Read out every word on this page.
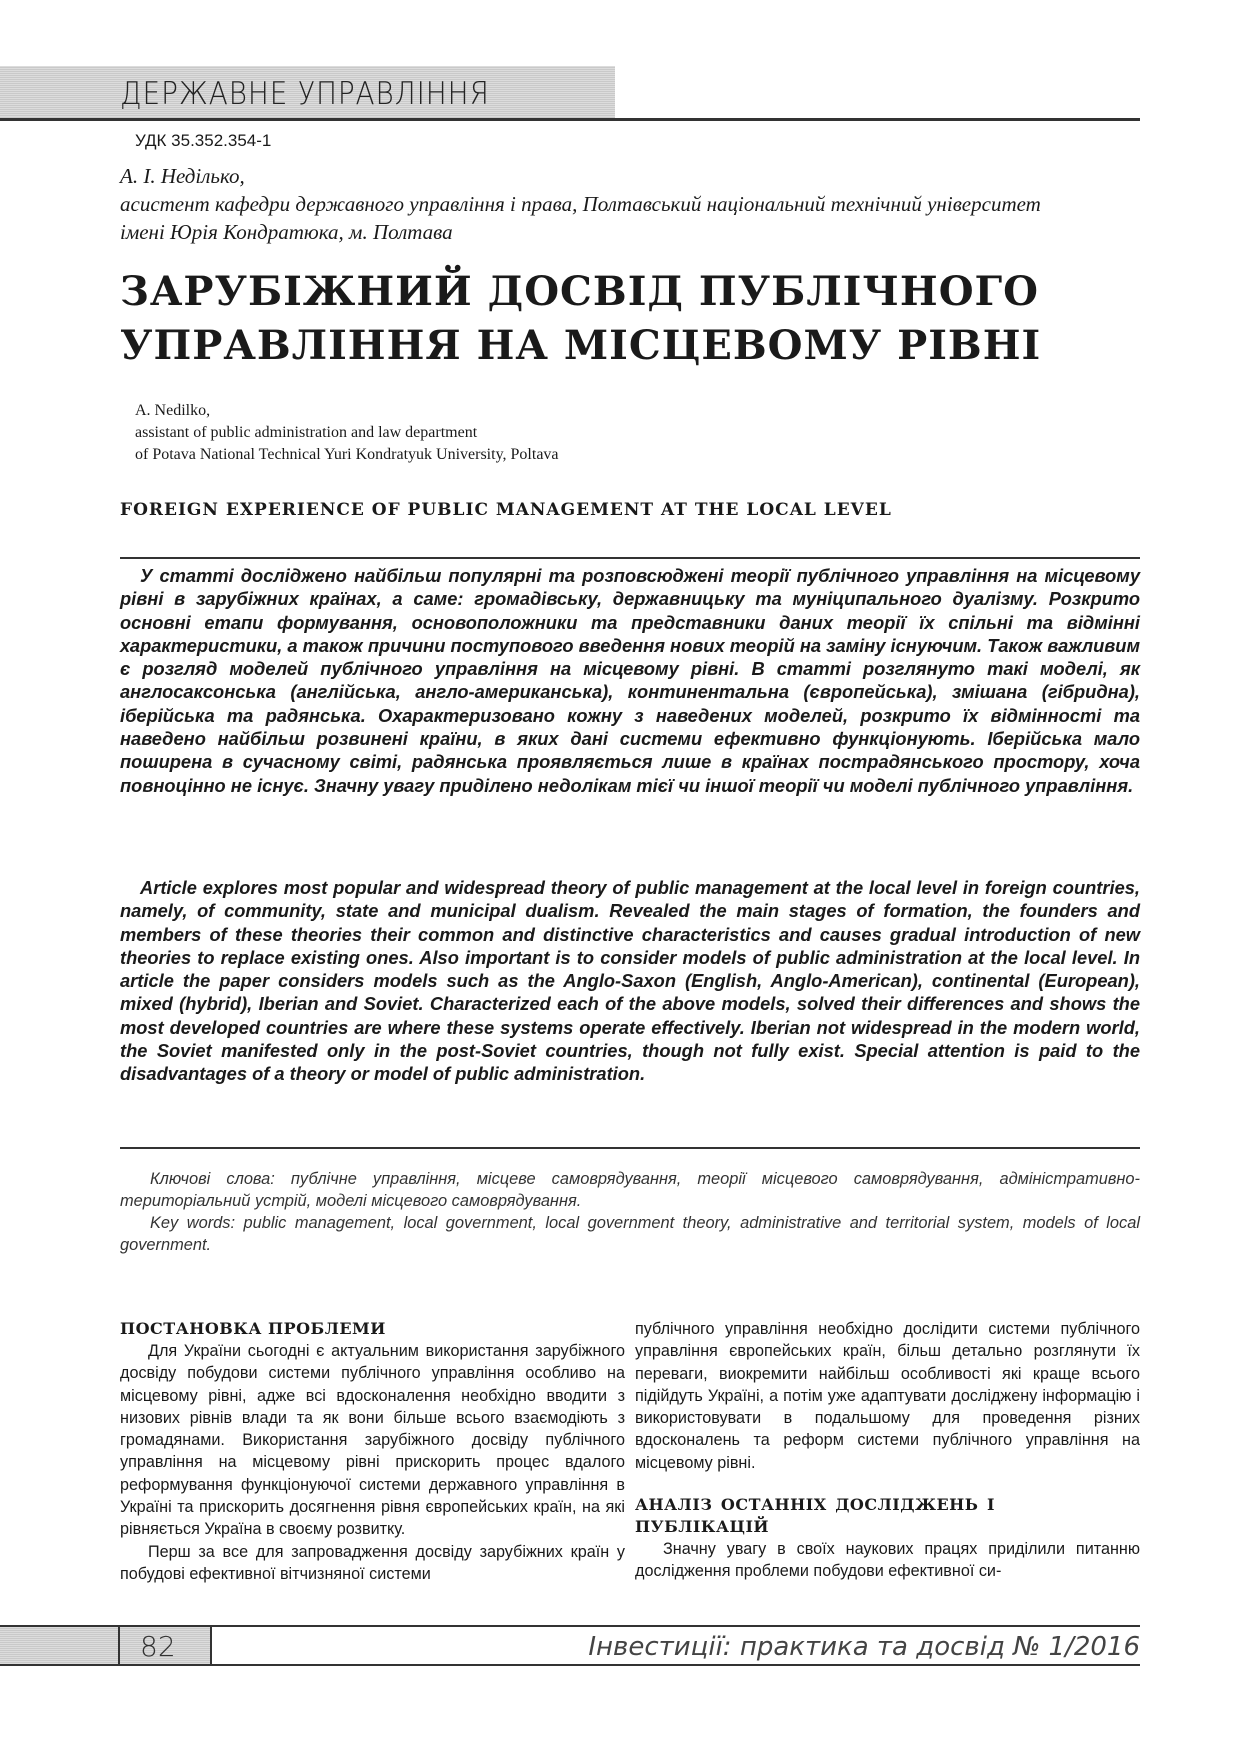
ДЕРЖАВНЕ УПРАВЛІННЯ
УДК 35.352.354-1
А. І. Неділько,
асистент кафедри державного управління і права, Полтавський національний технічний університет імені Юрія Кондратюка, м. Полтава
ЗАРУБІЖНИЙ ДОСВІД ПУБЛІЧНОГО
УПРАВЛІННЯ НА МІСЦЕВОМУ РІВНІ
A. Nedilko,
assistant of public administration and law department
of Potava National Technical Yuri Kondratyuk University, Poltava
FOREIGN EXPERIENCE OF PUBLIC MANAGEMENT AT THE LOCAL LEVEL
У статті досліджено найбільш популярні та розповсюджені теорії публічного управління на місцевому рівні в зарубіжних країнах, а саме: громадівську, державницьку та муніципального дуалізму. Розкрито основні етапи формування, основоположники та представники даних теорії їх спільні та відмінні характеристики, а також причини поступового введення нових теорій на заміну існуючим. Також важливим є розгляд моделей публічного управління на місцевому рівні. В статті розглянуто такі моделі, як англосаксонська (англійська, англо-американська), континентальна (європейська), змішана (гібридна), іберійська та радянська. Охарактеризовано кожну з наведених моделей, розкрито їх відмінності та наведено найбільш розвинені країни, в яких дані системи ефективно функціонують. Іберійська мало поширена в сучасному світі, радянська проявляється лише в країнах пострадянського простору, хоча повноцінно не існує. Значну увагу приділено недолікам тієї чи іншої теорії чи моделі публічного управління.
Article explores most popular and widespread theory of public management at the local level in foreign countries, namely, of community, state and municipal dualism. Revealed the main stages of formation, the founders and members of these theories their common and distinctive characteristics and causes gradual introduction of new theories to replace existing ones. Also important is to consider models of public administration at the local level. In article the paper considers models such as the Anglo-Saxon (English, Anglo-American), continental (European), mixed (hybrid), Iberian and Soviet. Characterized each of the above models, solved their differences and shows the most developed countries are where these systems operate effectively. Iberian not widespread in the modern world, the Soviet manifested only in the post-Soviet countries, though not fully exist. Special attention is paid to the disadvantages of a theory or model of public administration.
Ключові слова: публічне управління, місцеве самоврядування, теорії місцевого самоврядування, адміністративно-територіальний устрій, моделі місцевого самоврядування.
Key words: public management, local government, local government theory, administrative and territorial system, models of local government.
ПОСТАНОВКА ПРОБЛЕМИ

Для України сьогодні є актуальним використання зарубіжного досвіду побудови системи публічного управління особливо на місцевому рівні, адже всі вдосконалення необхідно вводити з низових рівнів влади та як вони більше всього взаємодіють з громадянами. Використання зарубіжного досвіду публічного управління на місцевому рівні прискорить процес вдалого реформування функціонуючої системи державного управління в Україні та прискорить досягнення рівня європейських країн, на які рівняється Україна в своєму розвитку.

Перш за все для запровадження досвіду зарубіжних країн у побудові ефективної вітчизняної системи

публічного управління необхідно дослідити системи публічного управління європейських країн, більш детально розглянути їх переваги, виокремити найбільш особливості які краще всього підійдуть Україні, а потім уже адаптувати досліджену інформацію і використовувати в подальшому для проведення різних вдосконалень та реформ системи публічного управління на місцевому рівні.

АНАЛІЗ ОСТАННІХ ДОСЛІДЖЕНЬ І ПУБЛІКАЦІЙ

Значну увагу в своїх наукових працях приділили питанню дослідження проблеми побудови ефективної си-

82	Інвестиції: практика та досвід № 1/2016
